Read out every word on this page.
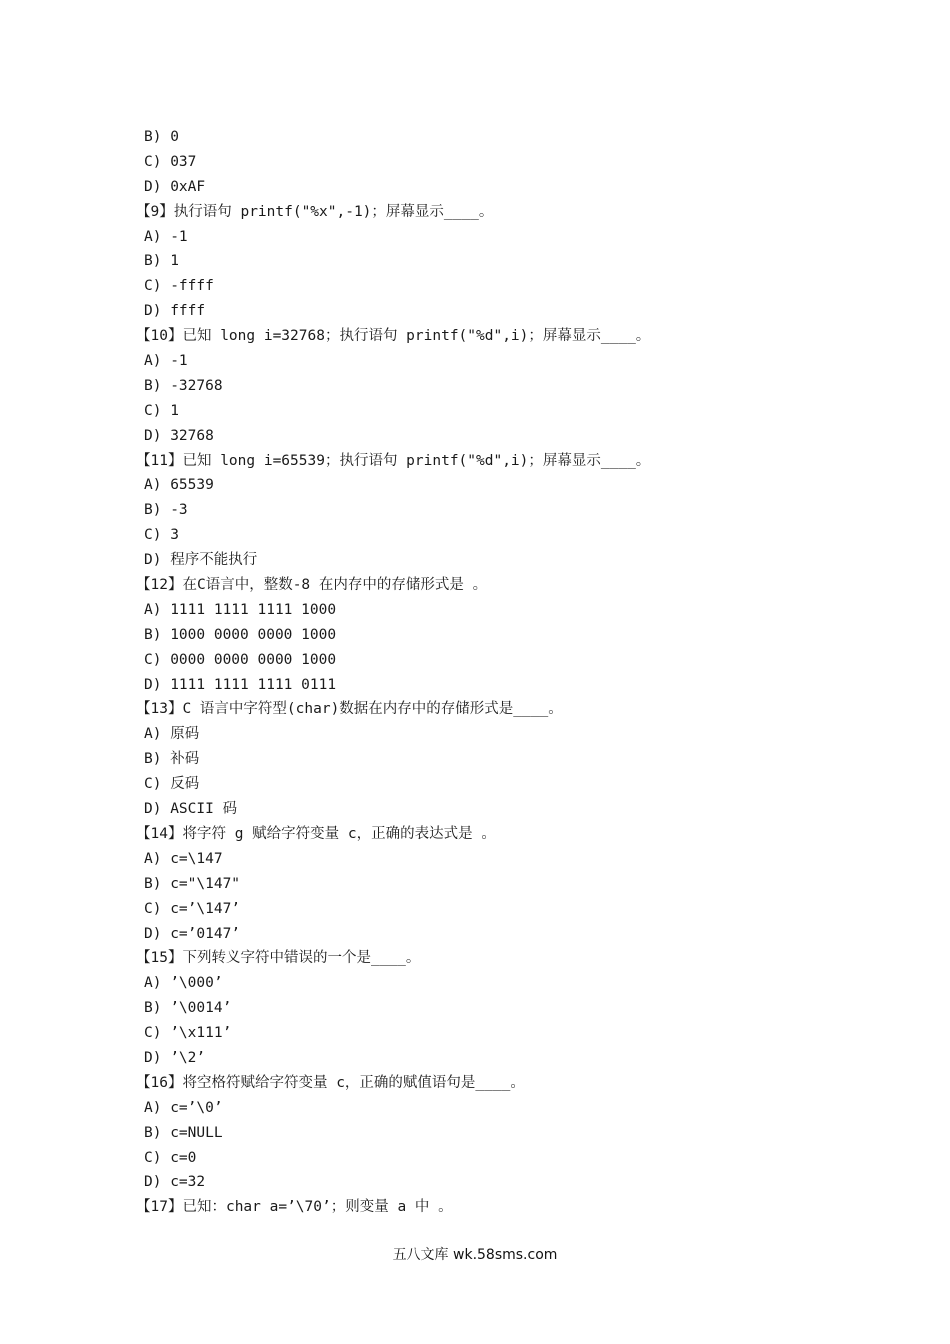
B) 0
C) 037
D) 0xAF
【9】执行语句 printf("%x",-1)；屏幕显示____。
A) -1
B) 1
C) -ffff
D) ffff
【10】已知 long i=32768；执行语句 printf("%d",i)；屏幕显示____。
A) -1
B) -32768
C) 1
D) 32768
【11】已知 long i=65539；执行语句 printf("%d",i)；屏幕显示____。
A) 65539
B) -3
C) 3
D) 程序不能执行
【12】在C语言中，整数-8 在内存中的存储形式是 。
A) 1111 1111 1111 1000
B) 1000 0000 0000 1000
C) 0000 0000 0000 1000
D) 1111 1111 1111 0111
【13】C 语言中字符型(char)数据在内存中的存储形式是____。
A) 原码
B) 补码
C) 反码
D) ASCII 码
【14】将字符 g 赋给字符变量 c，正确的表达式是 。
A) c=\147
B) c="\147"
C) c=’\147’
D) c=’0147’
【15】下列转义字符中错误的一个是____。
A) ’\000’
B) ’\0014’
C) ’\x111’
D) ’\2’
【16】将空格符赋给字符变量 c，正确的赋值语句是____。
A) c=’\0’
B) c=NULL
C) c=0
D) c=32
【17】已知：char a=’\70’；则变量 a 中 。
五八文库 wk.58sms.com
